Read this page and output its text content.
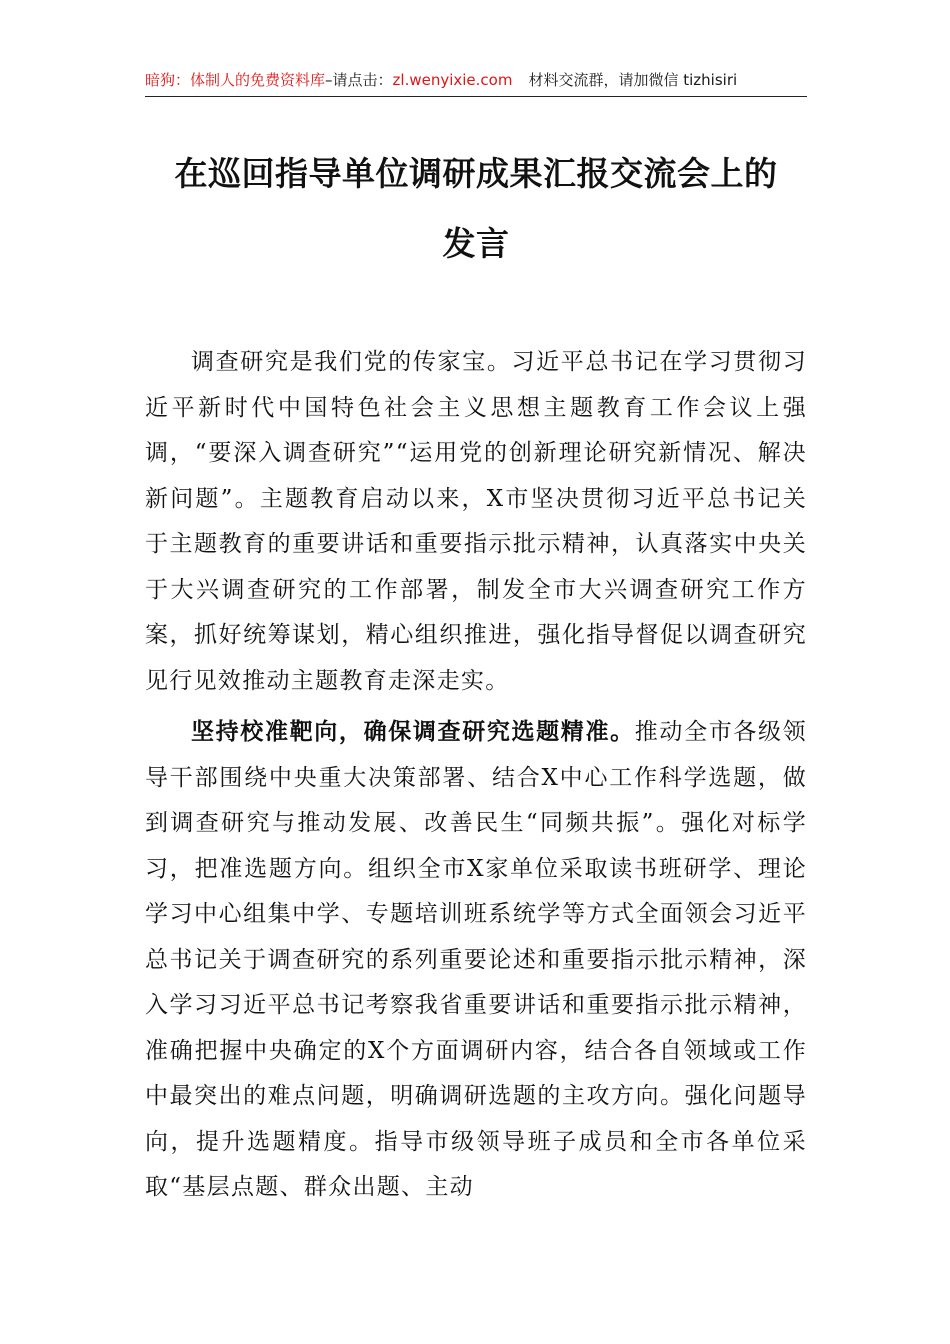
暗狗：体制人的免费资料库–请点击：zl.wenyixie.com 材料交流群，请加微信 tizhisiri
在巡回指导单位调研成果汇报交流会上的
发言

调查研究是我们党的传家宝。习近平总书记在学习贯彻习近平新时代中国特色社会主义思想主题教育工作会议上强调，“要深入调查研究”“运用党的创新理论研究新情况、解决新问题”。主题教育启动以来，X市坚决贯彻习近平总书记关于主题教育的重要讲话和重要指示批示精神，认真落实中央关于大兴调查研究的工作部署，制发全市大兴调查研究工作方案，抓好统筹谋划，精心组织推进，强化指导督促以调查研究见行见效推动主题教育走深走实。

坚持校准靶向，确保调查研究选题精准。推动全市各级领导干部围绕中央重大决策部署、结合X中心工作科学选题，做到调查研究与推动发展、改善民生“同频共振”。强化对标学习，把准选题方向。组织全市X家单位采取读书班研学、理论学习中心组集中学、专题培训班系统学等方式全面领会习近平总书记关于调查研究的系列重要论述和重要指示批示精神，深入学习习近平总书记考察我省重要讲话和重要指示批示精神，准确把握中央确定的X个方面调研内容，结合各自领域或工作中最突出的难点问题，明确调研选题的主攻方向。强化问题导向，提升选题精度。指导市级领导班子成员和全市各单位采取“基层点题、群众出题、主动
